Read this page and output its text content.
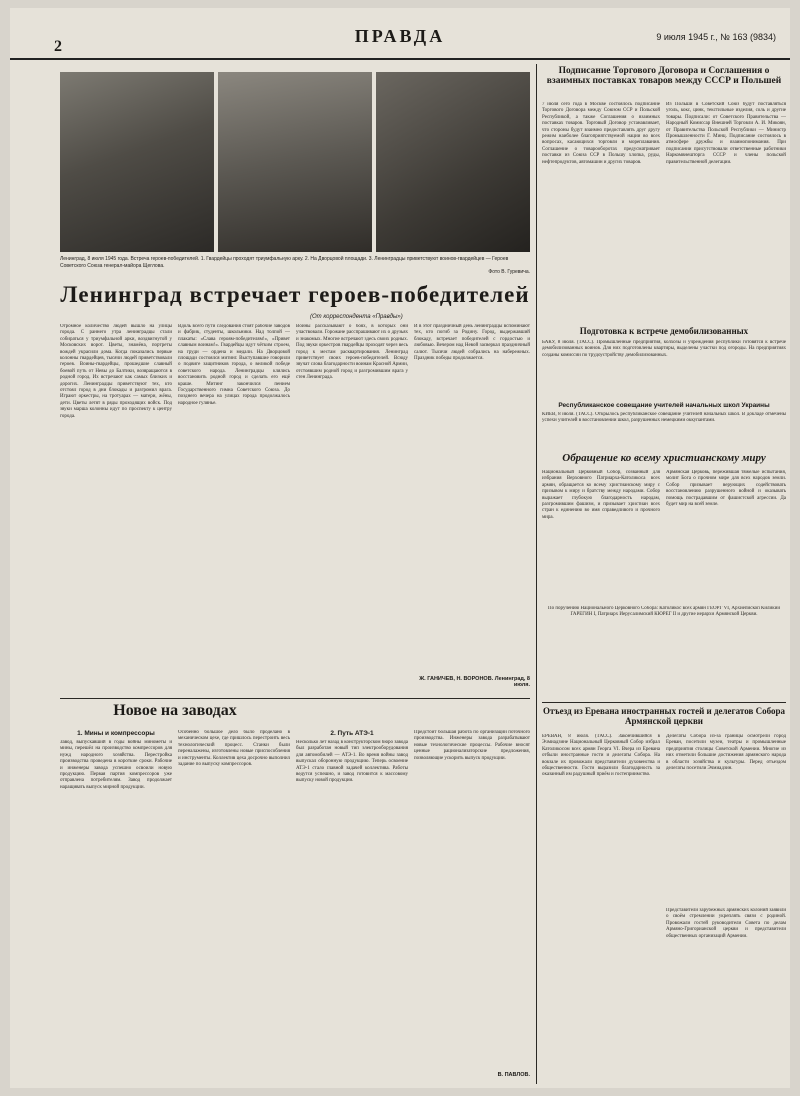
2
ПРАВДА	9 июля 1945 г., № 163 (9834)
Ленинград, 8 июля 1945 года. Встреча героев-победителей. 1. Гвардейцы проходят триумфальную арку. 2. На Дворцовой площади. 3. Ленинградцы приветствуют воинов-гвардейцев — Героев Советского Союза генерал-майора Щеглова.
Фото В. Гуревича.
Ленинград встречает героев-победителей
(От корреспондента «Правды»)
Огромное количество людей вышло на улицы города. С раннего утра ленинградцы стали собираться у триумфальной арки, воздвигнутой у Московских ворот. Цветы, знамёна, портреты вождей украсили дома. Когда показались первые колонны гвардейцев, тысячи людей приветствовали героев. Воины-гвардейцы, прошедшие славный боевой путь от Невы до Балтики, возвращаются в родной город. Их встречают как самых близких и дорогих. Ленинградцы приветствуют тех, кто отстоял город в дни блокады и разгромил врага. Играют оркестры, на тротуарах — матери, жёны, дети. Цветы летят в ряды проходящих войск. Под звуки марша колонны идут по проспекту к центру города.
Вдоль всего пути следования стоят рабочие заводов и фабрик, студенты, школьники. Над толпой — плакаты: «Слава героям-победителям!», «Привет славным воинам!». Гвардейцы идут чётким строем, на груди — ордена и медали. На Дворцовой площади состоялся митинг. Выступавшие говорили о подвиге защитников города, о великой победе советского народа. Ленинградцы клялись восстановить родной город и сделать его ещё краше. Митинг закончился пением Государственного гимна Советского Союза. До позднего вечера на улицах города продолжалось народное гулянье.
Воины рассказывают о боях, в которых они участвовали. Горожане расспрашивают их о друзьях и знакомых. Многие встречают здесь своих родных. Под звуки оркестров гвардейцы проходят через весь город к местам расквартирования. Ленинград приветствует своих героев-победителей. Всюду звучат слова благодарности воинам Красной Армии, отстоявшим родной город и разгромившим врага у стен Ленинграда.
И в этот праздничный день ленинградцы вспоминают тех, кто погиб за Родину. Город, выдержавший блокаду, встречает победителей с гордостью и любовью. Вечером над Невой засверкал праздничный салют. Тысячи людей собрались на набережных. Праздник победы продолжается.
Ж. ГАНИЧЕВ, Н. ВОРОНОВ. Ленинград, 8 июля.
Новое на заводах
1. Мины и компрессоры
Завод, выпускавший в годы войны минометы и мины, перешёл на производство компрессоров для нужд народного хозяйства. Перестройка производства проведена в короткие сроки. Рабочие и инженеры завода успешно освоили новую продукцию. Первая партия компрессоров уже отправлена потребителям. Завод продолжает наращивать выпуск мирной продукции.
Особенно большое дело было проделано в механическом цехе, где пришлось перестроить весь технологический процесс. Станки были переналажены, изготовлены новые приспособления и инструменты. Коллектив цеха досрочно выполнил задание по выпуску компрессоров.
2. Путь АТЭ-1
Несколько лет назад в конструкторском бюро завода был разработан новый тип электрооборудования для автомобилей — АТЭ-1. Во время войны завод выпускал оборонную продукцию. Теперь освоение АТЭ-1 стало главной задачей коллектива. Работы ведутся успешно, и завод готовится к массовому выпуску новой продукции.
Предстоит большая работа по организации поточного производства. Инженеры завода разрабатывают новые технологические процессы. Рабочие вносят ценные рационализаторские предложения, позволяющие ускорить выпуск продукции.
В. ПАВЛОВ.
Подписание Торгового Договора и Соглашения о взаимных поставках товаров между СССР и Польшей
7 июля сего года в Москве состоялось подписание Торгового Договора между Союзом ССР и Польской Республикой, а также Соглашения о взаимных поставках товаров. Торговый Договор устанавливает, что стороны будут взаимно предоставлять друг другу режим наиболее благоприятствуемой нации во всех вопросах, касающихся торговли и мореплавания. Соглашение о товарооборотах предусматривает поставки из Союза ССР в Польшу хлопка, руды, нефтепродуктов, автомашин и других товаров.
Из Польши в Советский Союз будут поставляться уголь, кокс, цинк, текстильные изделия, соль и другие товары. Подписали: от Советского Правительства — Народный Комиссар Внешней Торговли А. И. Микоян, от Правительства Польской Республики — Министр Промышленности Г. Минц. Подписание состоялось в атмосфере дружбы и взаимопонимания. При подписании присутствовали ответственные работники Наркомвнешторга СССР и члены польской правительственной делегации.
Подготовка к встрече демобилизованных
БАКУ, 8 июля. (ТАСС). Промышленные предприятия, колхозы и учреждения республики готовятся к встрече демобилизованных воинов. Для них подготовлены квартиры, выделены участки под огороды. На предприятиях созданы комиссии по трудоустройству демобилизованных.
Республиканское совещание учителей начальных школ Украины
КИЕВ, 8 июля. (ТАСС). Открылось республиканское совещание учителей начальных школ. В докладе отмечены успехи учителей в восстановлении школ, разрушенных немецкими оккупантами.
Обращение ко всему христианскому миру
Национальный Церковный Собор, созванный для избрания Верховного Патриарха-Католикоса всех армян, обращается ко всему христианскому миру с призывом к миру и братству между народами. Собор выражает глубокую благодарность народам, разгромившим фашизм, и призывает христиан всех стран к единению во имя справедливого и прочного мира.
Армянская Церковь, пережившая тяжёлые испытания, молит Бога о прочном мире для всех народов земли. Собор призывает верующих содействовать восстановлению разрушенного войной и оказывать помощь пострадавшим от фашистской агрессии. Да будет мир на всей земле.
По поручению Национального Церковного Собора: Католикос всех армян ГЕОРГ VI, Архиепископ Киликии ГАРЕГИН I, Патриарх Иерусалимский КЮРЕГ II и другие иерархи Армянской Церкви.
Отъезд из Еревана иностранных гостей и делегатов Собора Армянской церкви
ЕРЕВАН, 8 июля. (ТАСС). Закончившийся в Эчмиадзине Национальный Церковный Собор избрал Католикосом всех армян Георга VI. Вчера из Еревана отбыли иностранные гости и делегаты Собора. На вокзале их провожали представители духовенства и общественности. Гости выразили благодарность за оказанный им радушный приём и гостеприимство.
Делегаты Собора из-за границы осмотрели город Ереван, посетили музеи, театры и промышленные предприятия столицы Советской Армении. Многие из них отметили большие достижения армянского народа в области хозяйства и культуры. Перед отъездом делегаты посетили Эчмиадзин.
Представители зарубежных армянских колоний заявили о своём стремлении укреплять связи с родиной. Провожали гостей руководители Совета по делам Армяно-Григорианской церкви и представители общественных организаций Армении.
